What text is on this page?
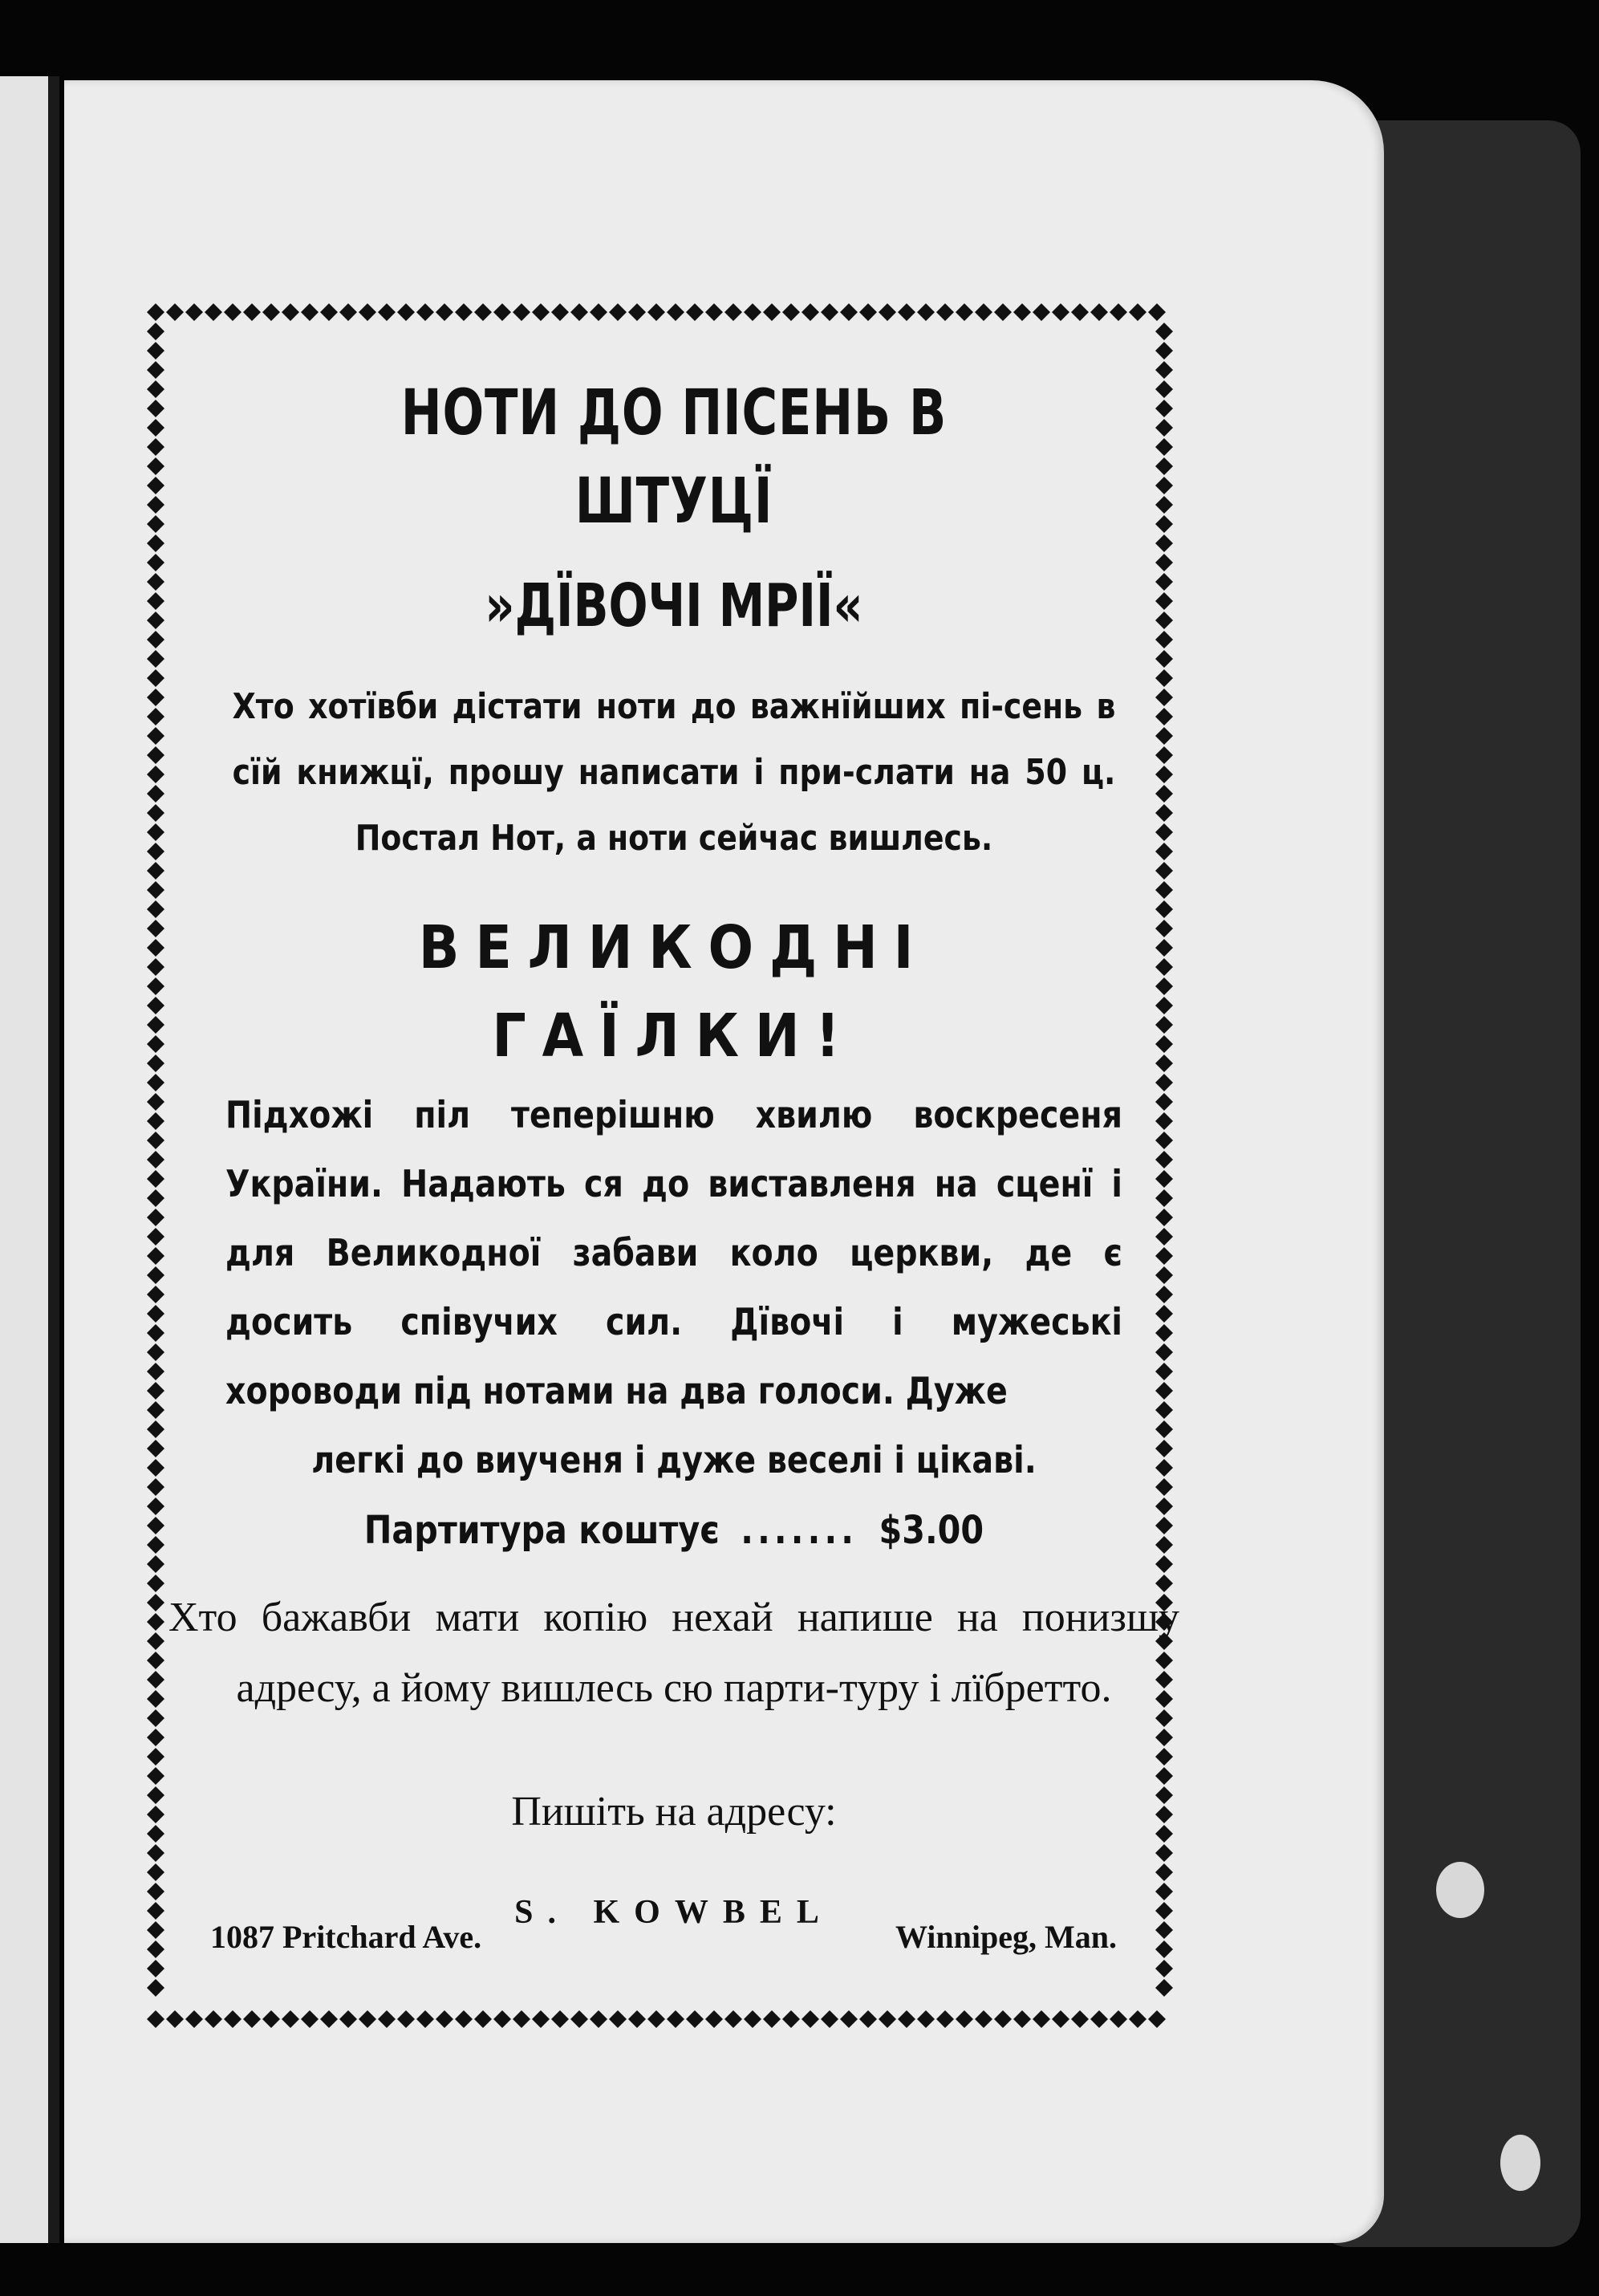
НОТИ ДО ПІСЕНЬ В ШТУЦЇ
»ДЇВОЧІ МРІЇ«
Хто хотївби дістати ноти до важнїйших пі-сень в сїй книжцї, прошу написати і при-слати на 50 ц. Постал Нот, а ноти сейчас вишлесь.
ВЕЛИКОДНІ ГАЇЛКИ!
Підхожі піл теперішню хвилю воскресеня України. Надають ся до виставленя на сценї і для Великодної забави коло церкви, де є досить співучих сил. Дївочі і мужеські хороводи під нотами на два голоси. Дуже
легкі до виученя і дуже веселі і цікаві.
Партитура коштує ....... $3.00
Хто бажавби мати копію нехай напише на понизшу адресу, а йому вишлесь сю парти-туру і лїбретто.
Пишіть на адресу:
S. KOWBEL
1087 Pritchard Ave.	Winnipeg, Man.
